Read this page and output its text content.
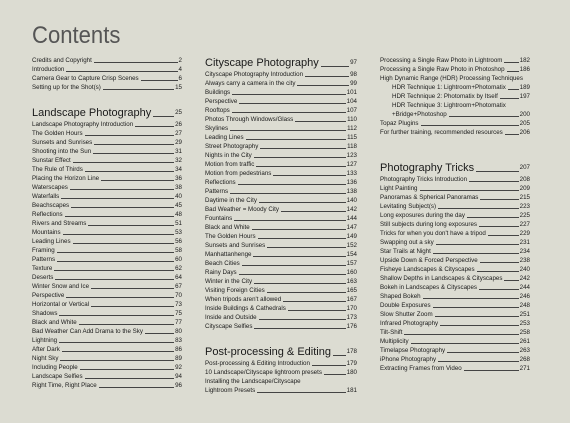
Contents
Credits and Copyright	2
Introduction	4
Camera Gear to Capture Crisp Scenes	6
Setting up for the Shot(s)	15
Landscape Photography	25
Landscape Photography Introduction	26
The Golden Hours	27
Sunsets and Sunrises	29
Shooting into the Sun	31
Sunstar Effect	32
The Rule of Thirds	34
Placing the Horizon Line	36
Waterscapes	38
Waterfalls	40
Beachscapes	45
Reflections	48
Rivers and Streams	51
Mountains	53
Leading Lines	56
Framing	58
Patterns	60
Texture	62
Deserts	64
Winter Snow and Ice	67
Perspective	70
Horizontal or Vertical	73
Shadows	75
Black and White	77
Bad Weather Can Add Drama to the Sky	80
Lightning	83
After Dark	86
Night Sky	89
Including People	92
Landscape Selfies	94
Right Time, Right Place	96
Cityscape Photography	97
Cityscape Photography Introduction	98
Always carry a camera in the city	99
Buildings	101
Perspective	104
Rooftops	107
Photos Through Windows/Glass	110
Skylines	112
Leading Lines	115
Street Photography	118
Nights in the City	123
Motion from traffic	127
Motion from pedestrians	133
Reflections	136
Patterns	138
Daytime in the City	140
Bad Weather = Moody City	142
Fountains	144
Black and White	147
The Golden Hours	149
Sunsets and Sunrises	152
Manhattanhenge	154
Beach Cities	157
Rainy Days	160
Winter in the City	163
Visiting Foreign Cities	165
When tripods aren't allowed	167
Inside Buildings & Cathedrals	170
Inside and Outside	173
Cityscape Selfies	176
Post-processing & Editing	178
Post-processing & Editing Introduction	179
10 Landscape/Cityscape lightroom presets	180
Installing the Landscape/Cityscape
Lightroom Presets	181
Processing a Single Raw Photo in Lightroom	182
Processing a Single Raw Photo in Photoshop 186
High Dynamic Range (HDR) Processing Techniques
HDR Technique 1: Lightroom+Photomatix 189
HDR Technique 2: Photomatix by Itself	197
HDR Technique 3: Lightroom+Photomatix
+Bridge+Photoshop	200
Topaz Plugins	205
For further training, recommended resources	206
Photography Tricks	207
Photography Tricks Introduction	208
Light Painting	209
Panoramas & Spherical Panoramas	215
Levitating Subject(s)	223
Long exposures during the day	225
Still subjects during long exposures	227
Tricks for when you don't have a tripod	229
Swapping out a sky	231
Star Trails at Night	234
Upside Down & Forced Perspective	238
Fisheye Landscapes & Cityscapes	240
Shallow Depths in Landscapes & Cityscapes	242
Bokeh in Landscapes & Cityscapes	244
Shaped Bokeh	246
Double Exposures	248
Slow Shutter Zoom	251
Infrared Photography	253
Tilt-Shift	258
Multiplicity	261
Timelapse Photography	263
iPhone Photography	268
Extracting Frames from Video	271
